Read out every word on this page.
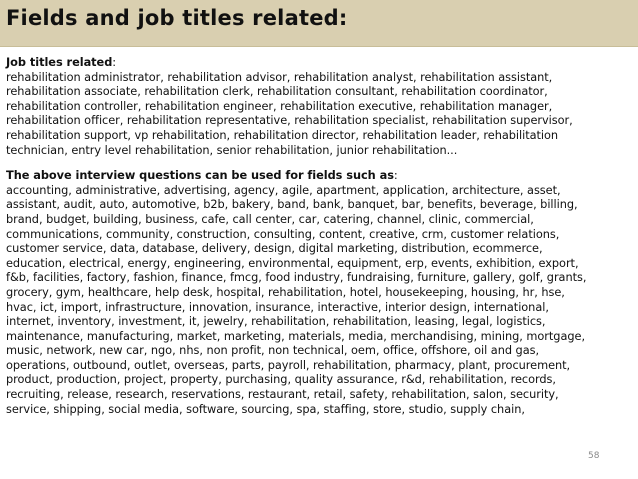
Fields and job titles related:
Job titles related:
rehabilitation administrator, rehabilitation advisor, rehabilitation analyst, rehabilitation assistant,
rehabilitation associate, rehabilitation clerk, rehabilitation consultant, rehabilitation coordinator,
rehabilitation controller, rehabilitation engineer, rehabilitation executive, rehabilitation manager,
rehabilitation officer, rehabilitation representative, rehabilitation specialist, rehabilitation supervisor,
rehabilitation support, vp rehabilitation, rehabilitation director, rehabilitation leader, rehabilitation
technician, entry level rehabilitation, senior rehabilitation, junior rehabilitation...
The above interview questions can be used for fields such as:
accounting, administrative, advertising, agency, agile, apartment, application, architecture, asset,
assistant, audit, auto, automotive, b2b, bakery, band, bank, banquet, bar, benefits, beverage, billing,
brand, budget, building, business, cafe, call center, car, catering, channel, clinic, commercial,
communications, community, construction, consulting, content, creative, crm, customer relations,
customer service, data, database, delivery, design, digital marketing, distribution, ecommerce,
education, electrical, energy, engineering, environmental, equipment, erp, events, exhibition, export,
f&b, facilities, factory, fashion, finance, fmcg, food industry, fundraising, furniture, gallery, golf, grants,
grocery, gym, healthcare, help desk, hospital, rehabilitation, hotel, housekeeping, housing, hr, hse,
hvac, ict, import, infrastructure, innovation, insurance, interactive, interior design, international,
internet, inventory, investment, it, jewelry, rehabilitation, rehabilitation, leasing, legal, logistics,
maintenance, manufacturing, market, marketing, materials, media, merchandising, mining, mortgage,
music, network, new car, ngo, nhs, non profit, non technical, oem, office, offshore, oil and gas,
operations, outbound, outlet, overseas, parts, payroll, rehabilitation, pharmacy, plant, procurement,
product, production, project, property, purchasing, quality assurance, r&d, rehabilitation, records,
recruiting, release, research, reservations, restaurant, retail, safety, rehabilitation, salon, security,
service, shipping, social media, software, sourcing, spa, staffing, store, studio, supply chain,
58
